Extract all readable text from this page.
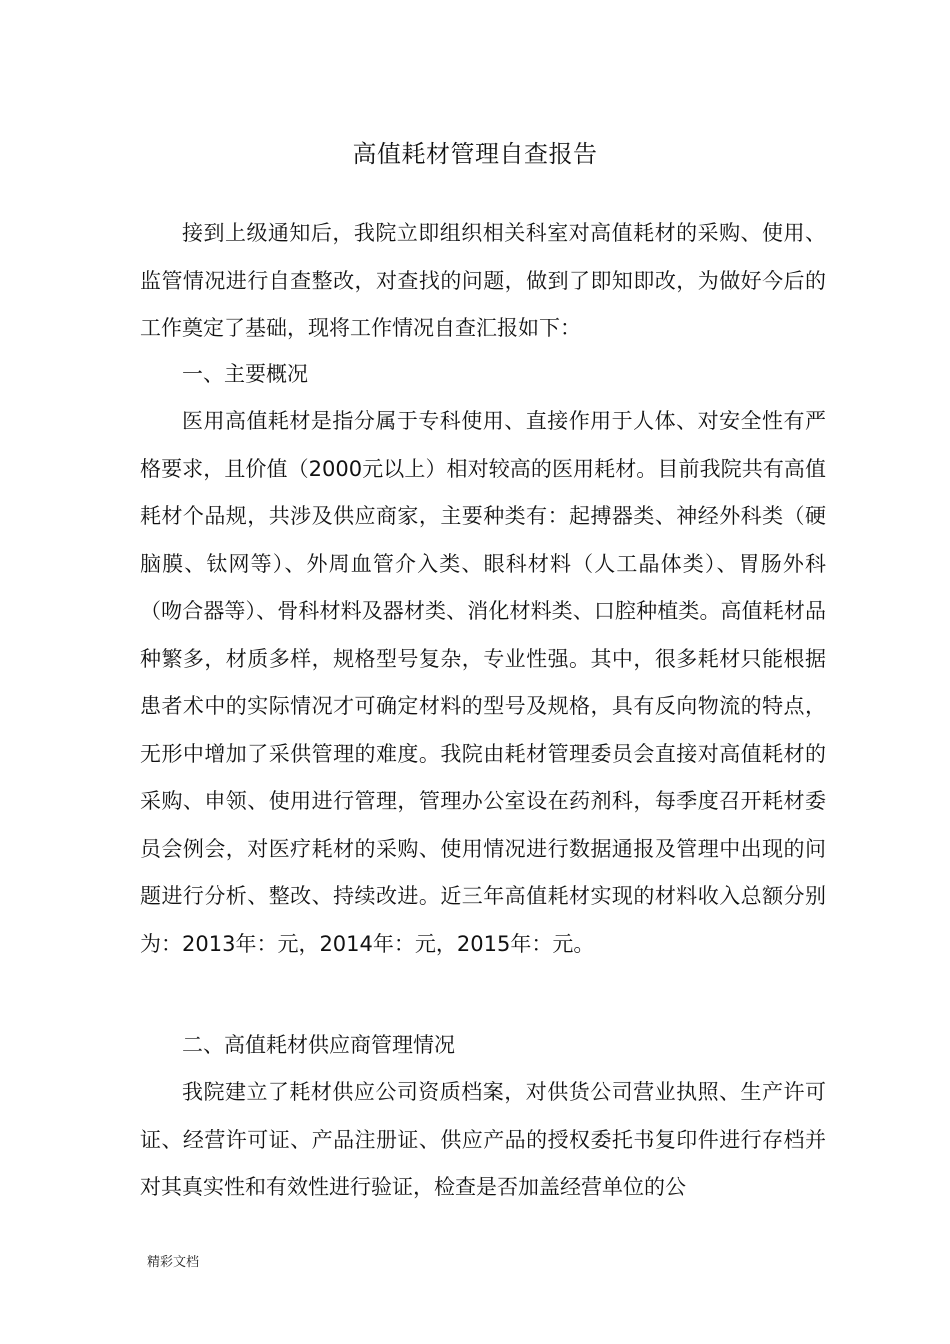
高值耗材管理自查报告
接到上级通知后，我院立即组织相关科室对高值耗材的采购、使用、监管情况进行自查整改，对查找的问题，做到了即知即改，为做好今后的工作奠定了基础，现将工作情况自查汇报如下：
一、主要概况
医用高值耗材是指分属于专科使用、直接作用于人体、对安全性有严格要求，且价值（2000元以上）相对较高的医用耗材。目前我院共有高值耗材个品规，共涉及供应商家，主要种类有：起搏器类、神经外科类（硬脑膜、钛网等）、外周血管介入类、眼科材料（人工晶体类）、胃肠外科（吻合器等）、骨科材料及器材类、消化材料类、口腔种植类。高值耗材品种繁多，材质多样，规格型号复杂，专业性强。其中，很多耗材只能根据患者术中的实际情况才可确定材料的型号及规格，具有反向物流的特点，无形中增加了采供管理的难度。我院由耗材管理委员会直接对高值耗材的采购、申领、使用进行管理，管理办公室设在药剂科，每季度召开耗材委员会例会，对医疗耗材的采购、使用情况进行数据通报及管理中出现的问题进行分析、整改、持续改进。近三年高值耗材实现的材料收入总额分别为：2013年：元，2014年：元，2015年：元。
二、高值耗材供应商管理情况
我院建立了耗材供应公司资质档案，对供货公司营业执照、生产许可证、经营许可证、产品注册证、供应产品的授权委托书复印件进行存档并对其真实性和有效性进行验证，检查是否加盖经营单位的公
精彩文档
